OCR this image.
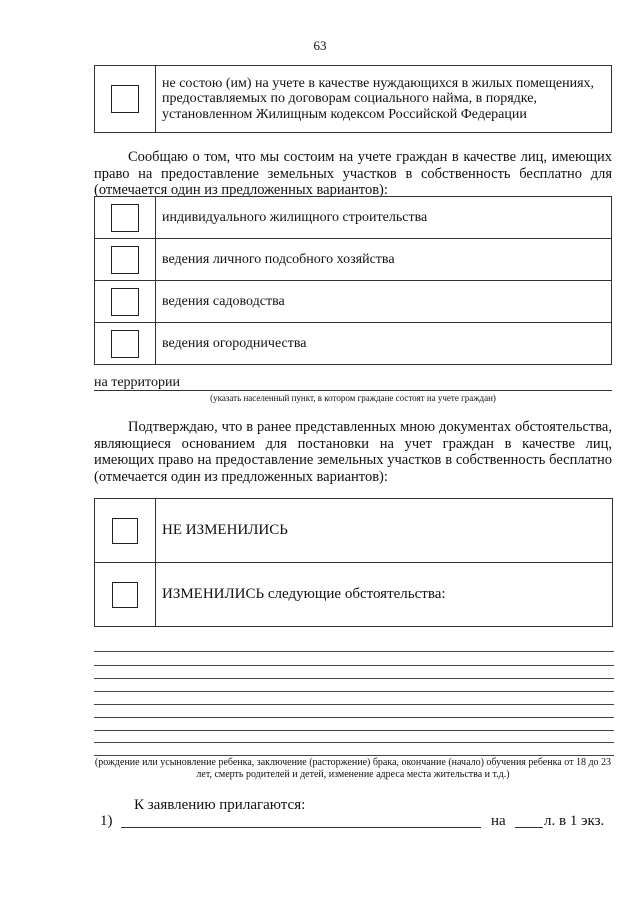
63
	не состою (им) на учете в качестве нуждающихся в жилых помещениях, предоставляемых по договорам социального найма, в порядке, установленном Жилищным кодексом Российской Федерации

Сообщаю о том, что мы состоим на учете граждан в качестве лиц, имеющих право на предоставление земельных участков в собственность бесплатно для (отмечается один из предложенных вариантов):

	индивидуального жилищного строительства
	ведения личного подсобного хозяйства
	ведения садоводства
	ведения огородничества
на территории
(указать населенный пункт, в котором граждане состоят на учете граждан)

Подтверждаю, что в ранее представленных мною документах обстоятельства, являющиеся основанием для постановки на учет граждан в качестве лиц, имеющих право на предоставление земельных участков в собственность бесплатно (отмечается один из предложенных вариантов):

	НЕ ИЗМЕНИЛИСЬ
	ИЗМЕНИЛИСЬ следующие обстоятельства:
(рождение или усыновление ребенка, заключение (расторжение) брака, окончание (начало) обучения ребенка от 18 до 23 лет, смерть родителей и детей, изменение адреса места жительства и т.д.)
К заявлению прилагаются:
1)	на	л. в 1 экз.
